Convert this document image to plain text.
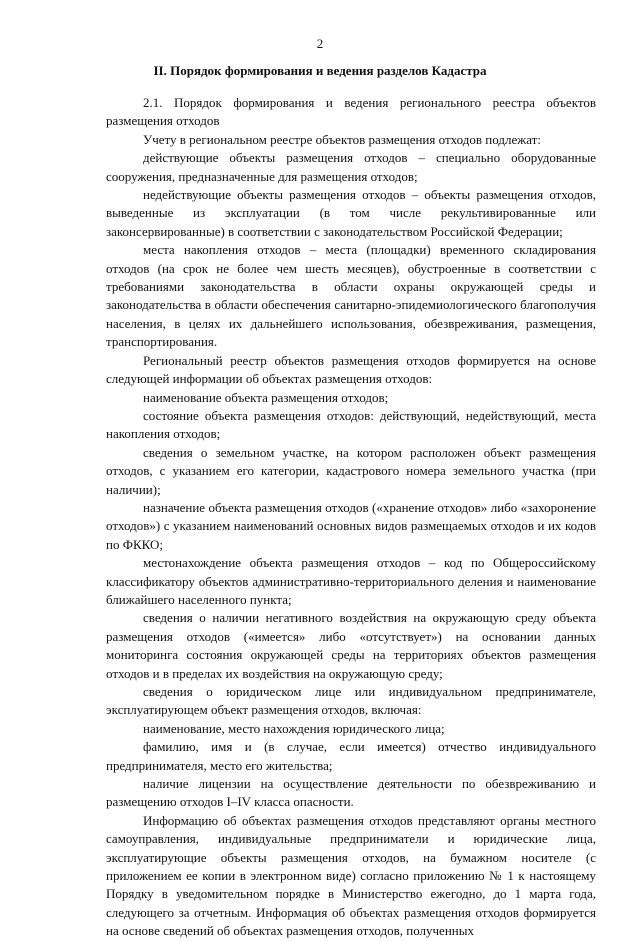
2
II. Порядок формирования и ведения разделов Кадастра

2.1. Порядок формирования и ведения регионального реестра объектов размещения отходов

Учету в региональном реестре объектов размещения отходов подлежат:

действующие объекты размещения отходов – специально оборудованные сооружения, предназначенные для размещения отходов;

недействующие объекты размещения отходов – объекты размещения отходов, выведенные из эксплуатации (в том числе рекультивированные или законсервированные) в соответствии с законодательством Российской Федерации;

места накопления отходов – места (площадки) временного складирования отходов (на срок не более чем шесть месяцев), обустроенные в соответствии с требованиями законодательства в области охраны окружающей среды и законодательства в области обеспечения санитарно-эпидемиологического благополучия населения, в целях их дальнейшего использования, обезвреживания, размещения, транспортирования.

Региональный реестр объектов размещения отходов формируется на основе следующей информации об объектах размещения отходов:

наименование объекта размещения отходов;

состояние объекта размещения отходов: действующий, недействующий, места накопления отходов;

сведения о земельном участке, на котором расположен объект размещения отходов, с указанием его категории, кадастрового номера земельного участка (при наличии);

назначение объекта размещения отходов («хранение отходов» либо «захоронение отходов») с указанием наименований основных видов размещаемых отходов и их кодов по ФККО;

местонахождение объекта размещения отходов – код по Общероссийскому классификатору объектов административно-территориального деления и наименование ближайшего населенного пункта;

сведения о наличии негативного воздействия на окружающую среду объекта размещения отходов («имеется» либо «отсутствует») на основании данных мониторинга состояния окружающей среды на территориях объектов размещения отходов и в пределах их воздействия на окружающую среду;

сведения о юридическом лице или индивидуальном предпринимателе, эксплуатирующем объект размещения отходов, включая:

наименование, место нахождения юридического лица;

фамилию, имя и (в случае, если имеется) отчество индивидуального предпринимателя, место его жительства;

наличие лицензии на осуществление деятельности по обезвреживанию и размещению отходов I–IV класса опасности.

Информацию об объектах размещения отходов представляют органы местного самоуправления, индивидуальные предприниматели и юридические лица, эксплуатирующие объекты размещения отходов, на бумажном носителе (с приложением ее копии в электронном виде) согласно приложению № 1 к настоящему Порядку в уведомительном порядке в Министерство ежегодно, до 1 марта года, следующего за отчетным. Информация об объектах размещения отходов формируется на основе сведений об объектах размещения отходов, полученных
